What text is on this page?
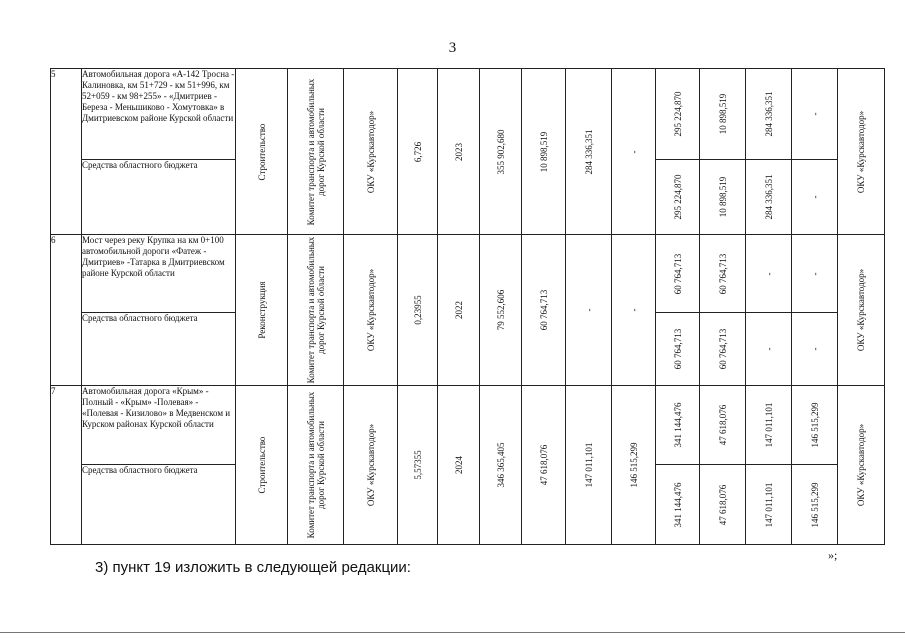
3
5	Автомобильная дорога «А-142 Тросна - Калиновка, км 51+729 - км 51+996, км 52+059 - км 98+255» - «Дмитриев - Береза - Меньшиково - Хомутовка» в Дмитриевском районе Курской области	Строительство	Комитет транспорта и автомобильных дорог Курской области	ОКУ «Курскавтодор»	6,726	2023	355 902,680	10 898,519	284 336,351	-	295 224,870	10 898,519	284 336,351	-	ОКУ «Курскавтодор»

	Средства областного бюджета										295 224,870	10 898,519	284 336,351	-	

6	Мост через реку Крупка на км 0+100 автомобильной дороги «Фатеж - Дмитриев» -Татарка в Дмитриевском районе Курской области	Реконструкция	Комитет транспорта и автомобильных дорог Курской области	ОКУ «Курскавтодор»	0,23955	2022	79 552,606	60 764,713	-	-	60 764,713	60 764,713	-	-	ОКУ «Курскавтодор»

	Средства областного бюджета										60 764,713	60 764,713	-	-	

7	Автомобильная дорога «Крым» - Полный - «Крым» -Полевая» - «Полевая - Кизилово» в Медвенском и Курском районах Курской области	Строительство	Комитет транспорта и автомобильных дорог Курской области	ОКУ «Курскавтодор»	5,57355	2024	346 365,405	47 618,076	147 011,101	146 515,299	341 144,476	47 618,076	147 011,101	146 515,299	ОКУ «Курскавтодор»

	Средства областного бюджета										341 144,476	47 618,076	147 011,101	146 515,299	
»;
3) пункт 19 изложить в следующей редакции:
